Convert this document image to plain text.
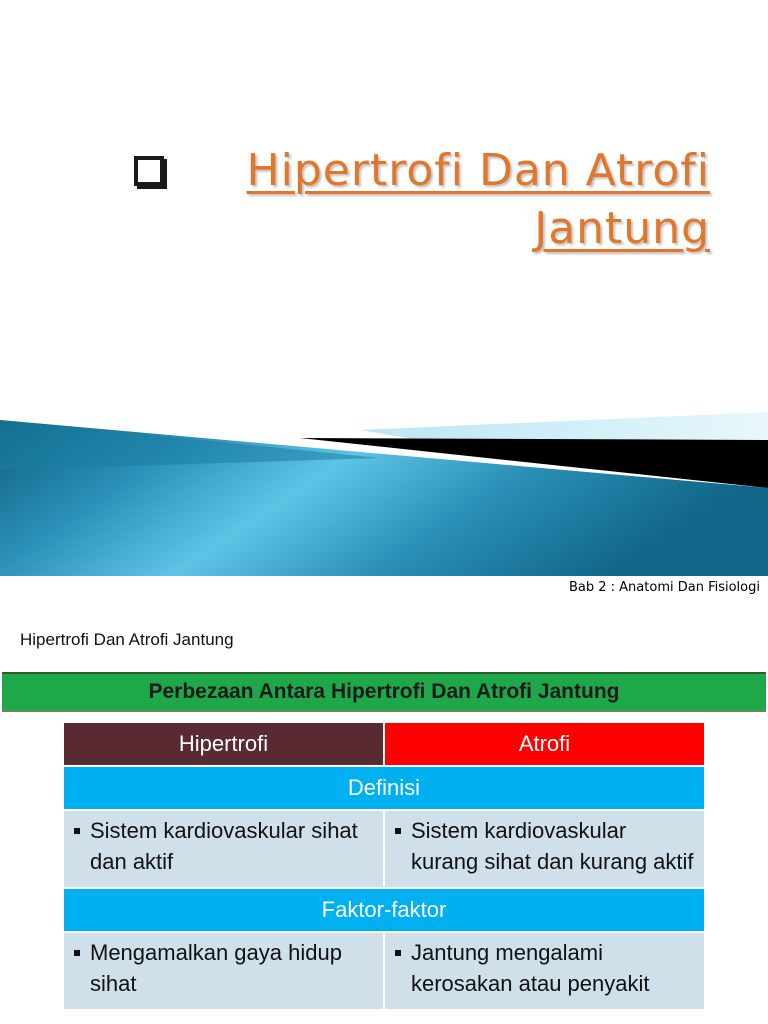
Hipertrofi Dan Atrofi Jantung
Bab 2 : Anatomi Dan Fisiologi
Hipertrofi Dan Atrofi Jantung
Perbezaan Antara Hipertrofi Dan Atrofi Jantung
Hipertrofi	Atrofi
Definisi	

Sistem kardiovaskular sihat dan aktif	Sistem kardiovaskular kurang sihat dan kurang aktif

Faktor-faktor	

Mengamalkan gaya hidup sihat	Jantung mengalami kerosakan atau penyakit
